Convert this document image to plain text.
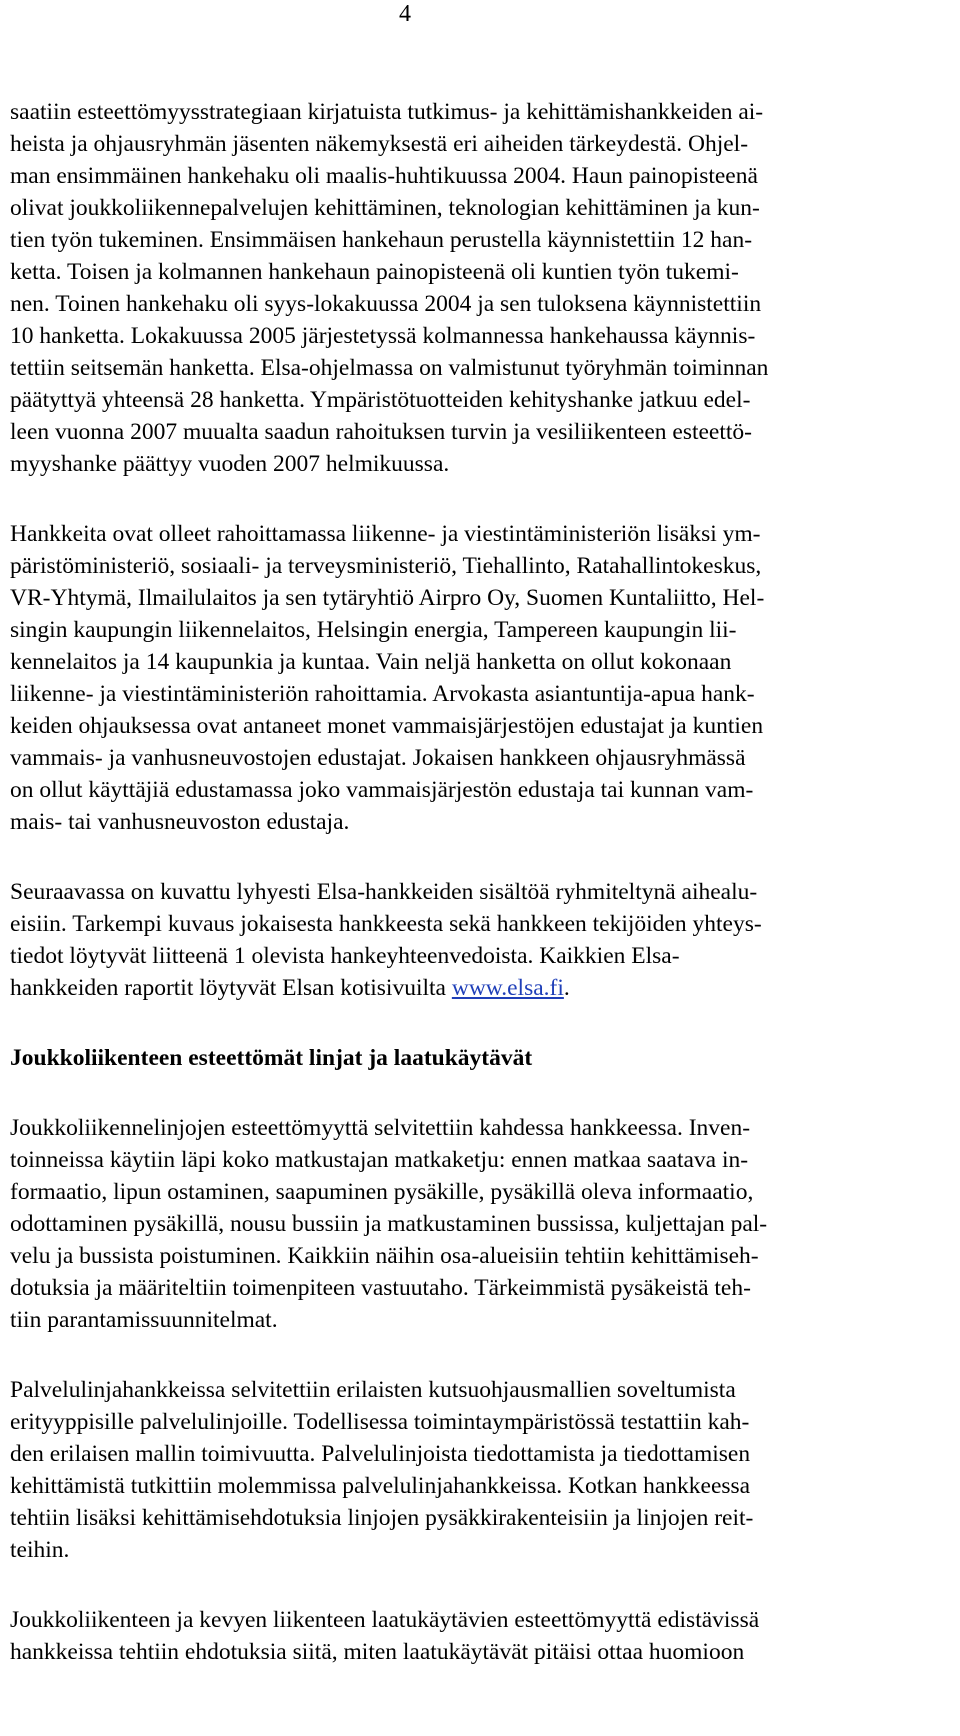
4
saatiin esteettömyysstrategiaan kirjatuista tutkimus- ja kehittämishankkeiden ai-
heista ja ohjausryhmän jäsenten näkemyksestä eri aiheiden tärkeydestä. Ohjel-
man ensimmäinen hankehaku oli maalis-huhtikuussa 2004. Haun painopisteenä
olivat joukkoliikennepalvelujen kehittäminen, teknologian kehittäminen ja kun-
tien työn tukeminen. Ensimmäisen hankehaun perustella käynnistettiin 12 han-
ketta. Toisen ja kolmannen hankehaun painopisteenä oli kuntien työn tukemi-
nen. Toinen hankehaku oli syys-lokakuussa 2004 ja sen tuloksena käynnistettiin
10 hanketta. Lokakuussa 2005 järjestetyssä kolmannessa hankehaussa käynnis-
tettiin seitsemän hanketta. Elsa-ohjelmassa on valmistunut työryhmän toiminnan
päätyttyä yhteensä 28 hanketta. Ympäristötuotteiden kehityshanke jatkuu edel-
leen vuonna 2007 muualta saadun rahoituksen turvin ja vesiliikenteen esteettö-
myyshanke päättyy vuoden 2007 helmikuussa.
Hankkeita ovat olleet rahoittamassa liikenne- ja viestintäministeriön lisäksi ym-
päristöministeriö, sosiaali- ja terveysministeriö, Tiehallinto, Ratahallintokeskus,
VR-Yhtymä, Ilmailulaitos ja sen tytäryhtiö Airpro Oy, Suomen Kuntaliitto, Hel-
singin kaupungin liikennelaitos, Helsingin energia, Tampereen kaupungin lii-
kennelaitos ja 14 kaupunkia ja kuntaa. Vain neljä hanketta on ollut kokonaan
liikenne- ja viestintäministeriön rahoittamia. Arvokasta asiantuntija-apua hank-
keiden ohjauksessa ovat antaneet monet vammaisjärjestöjen edustajat ja kuntien
vammais- ja vanhusneuvostojen edustajat. Jokaisen hankkeen ohjausryhmässä
on ollut käyttäjiä edustamassa joko vammaisjärjestön edustaja tai kunnan vam-
mais- tai vanhusneuvoston edustaja.
Seuraavassa on kuvattu lyhyesti Elsa-hankkeiden sisältöä ryhmiteltynä aihealu-
eisiin. Tarkempi kuvaus jokaisesta hankkeesta sekä hankkeen tekijöiden yhteys-
tiedot löytyvät liitteenä 1 olevista hankeyhteenvedoista. Kaikkien Elsa-
hankkeiden raportit löytyvät Elsan kotisivuilta www.elsa.fi.
Joukkoliikenteen esteettömät linjat ja laatukäytävät
Joukkoliikennelinjojen esteettömyyttä selvitettiin kahdessa hankkeessa. Inven-
toinneissa käytiin läpi koko matkustajan matkaketju: ennen matkaa saatava in-
formaatio, lipun ostaminen, saapuminen pysäkille, pysäkillä oleva informaatio,
odottaminen pysäkillä, nousu bussiin ja matkustaminen bussissa, kuljettajan pal-
velu ja bussista poistuminen. Kaikkiin näihin osa-alueisiin tehtiin kehittämiseh-
dotuksia ja määriteltiin toimenpiteen vastuutaho. Tärkeimmistä pysäkeistä teh-
tiin parantamissuunnitelmat.
Palvelulinjahankkeissa selvitettiin erilaisten kutsuohjausmallien soveltumista
erityyppisille palvelulinjoille. Todellisessa toimintaympäristössä testattiin kah-
den erilaisen mallin toimivuutta. Palvelulinjoista tiedottamista ja tiedottamisen
kehittämistä tutkittiin molemmissa palvelulinjahankkeissa. Kotkan hankkeessa
tehtiin lisäksi kehittämisehdotuksia linjojen pysäkkirakenteisiin ja linjojen reit-
teihin.
Joukkoliikenteen ja kevyen liikenteen laatukäytävien esteettömyyttä edistävissä
hankkeissa tehtiin ehdotuksia siitä, miten laatukäytävät pitäisi ottaa huomioon
